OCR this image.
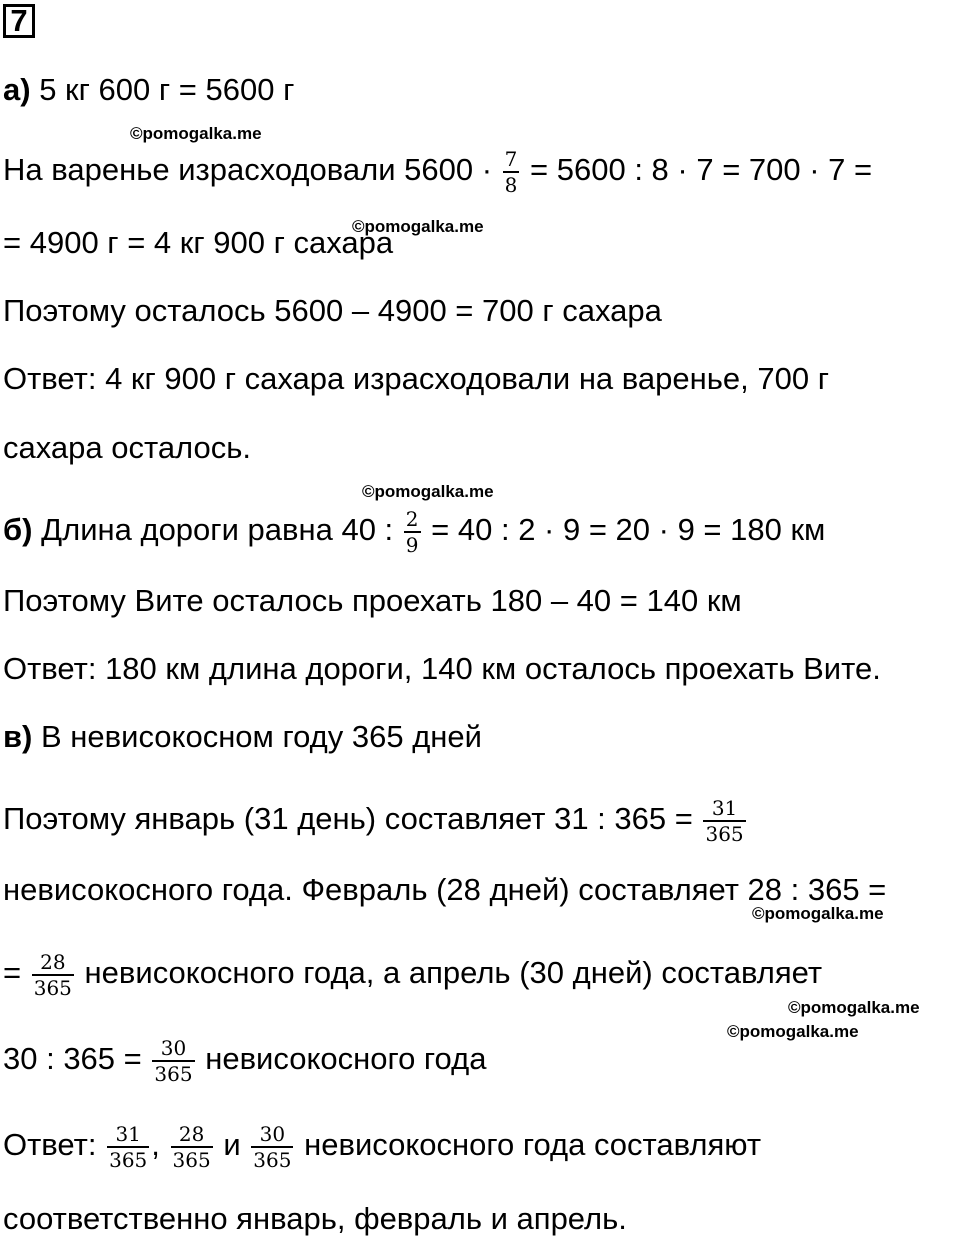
7
а) 5 кг 600 г = 5600 г
На варенье израсходовали $5600 \cdot \frac{7}{8} = 5600$ : 8 · 7 = 700 · 7 =
= 4900 г = 4 кг 900 г сахара
Поэтому осталось 5600 – 4900 = 700 г сахара
Ответ: 4 кг 900 г сахара израсходовали на варенье, 700 г
сахара осталось.
б) Длина дороги равна 40 : $\frac{2}{9} = 40$ : 2 · 9 = 20 · 9 = 180 км
Поэтому Вите осталось проехать 180 – 40 = 140 км
Ответ: 180 км длина дороги, 140 км осталось проехать Вите.
в) В невисокосном году 365 дней
Поэтому январь (31 день) составляет 31 : $365 = \frac{31}{365}$
невисокосного года. Февраль (28 дней) составляет 28 : 365 =
= $\frac{28}{365}$ невисокосного года, а апрель (30 дней) составляет
30 : $365 = \frac{30}{365}$ невисокосного года
Ответ: $\frac{31}{365}$ , $\frac{28}{365}$ и $\frac{30}{365}$ невисокосного года составляют
соответственно январь, февраль и апрель.
©pomogalka.me
©pomogalka.me
©pomogalka.me
©pomogalka.me
©pomogalka.me
©pomogalka.me
